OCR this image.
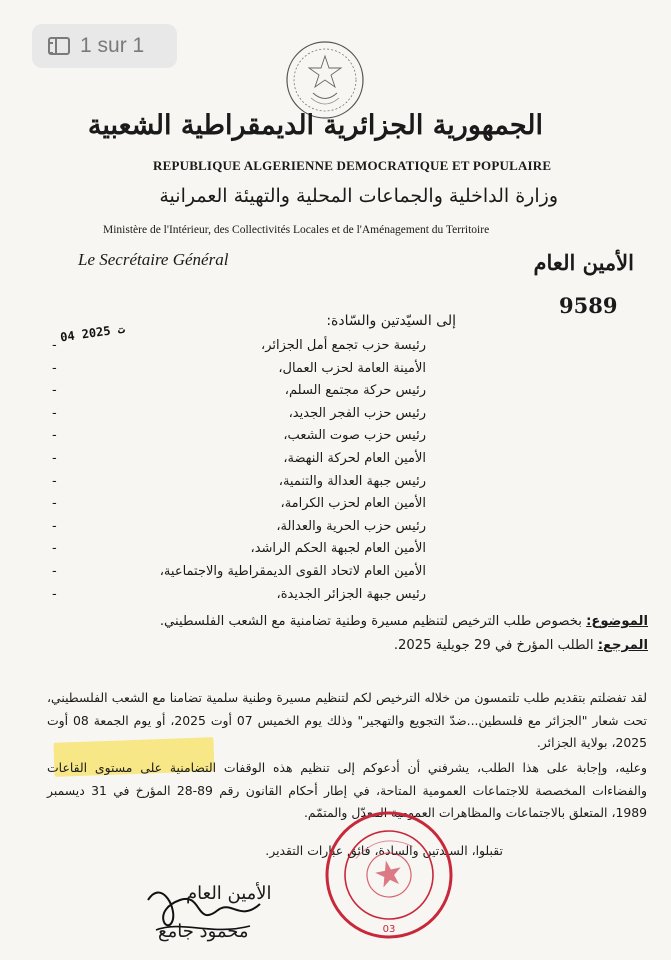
1 sur 1
الجمهورية الجزائرية الديمقراطية الشعبية
REPUBLIQUE ALGERIENNE DEMOCRATIQUE ET POPULAIRE
وزارة الداخلية والجماعات المحلية والتهيئة العمرانية
Ministère de l'Intérieur, des Collectivités Locales et de l'Aménagement du Territoire
Le Secrétaire Général	الأمين العام
9589
04 ت 2025
إلى السيّدتين والسّادة:
رئيسة حزب تجمع أمل الجزائر،
-
الأمينة العامة لحزب العمال،
-
رئيس حركة مجتمع السلم،
-
رئيس حزب الفجر الجديد،
-
رئيس حزب صوت الشعب،
-
الأمين العام لحركة النهضة،
-
رئيس جبهة العدالة والتنمية،
-
الأمين العام لحزب الكرامة،
-
رئيس حزب الحرية والعدالة،
-
الأمين العام لجبهة الحكم الراشد،
-
الأمين العام لاتحاد القوى الديمقراطية والاجتماعية،
-
رئيس جبهة الجزائر الجديدة،
-
الموضوع: بخصوص طلب الترخيص لتنظيم مسيرة وطنية تضامنية مع الشعب الفلسطيني.
المرجع: الطلب المؤرخ في 29 جويلية 2025.

لقد تفضلتم بتقديم طلب تلتمسون من خلاله الترخيص لكم لتنظيم مسيرة وطنية سلمية تضامنا مع الشعب الفلسطيني، تحت شعار "الجزائر مع فلسطين...ضدّ التجويع والتهجير" وذلك يوم الخميس 07 أوت 2025، أو يوم الجمعة 08 أوت 2025، بولاية الجزائر.

وعليه، وإجابة على هذا الطلب، يشرفني أن أدعوكم إلى تنظيم هذه الوقفات التضامنية على مستوى القاعات والفضاءات المخصصة للاجتماعات العمومية المتاحة، في إطار أحكام القانون رقم 89-28 المؤرخ في 31 ديسمبر 1989، المتعلق بالاجتماعات والمظاهرات العمومية المعدّل والمتمّم.

تقبلوا، السيدتين والسادة، فائق عبارات التقدير.
03
الأمين العام
محمود جامع
